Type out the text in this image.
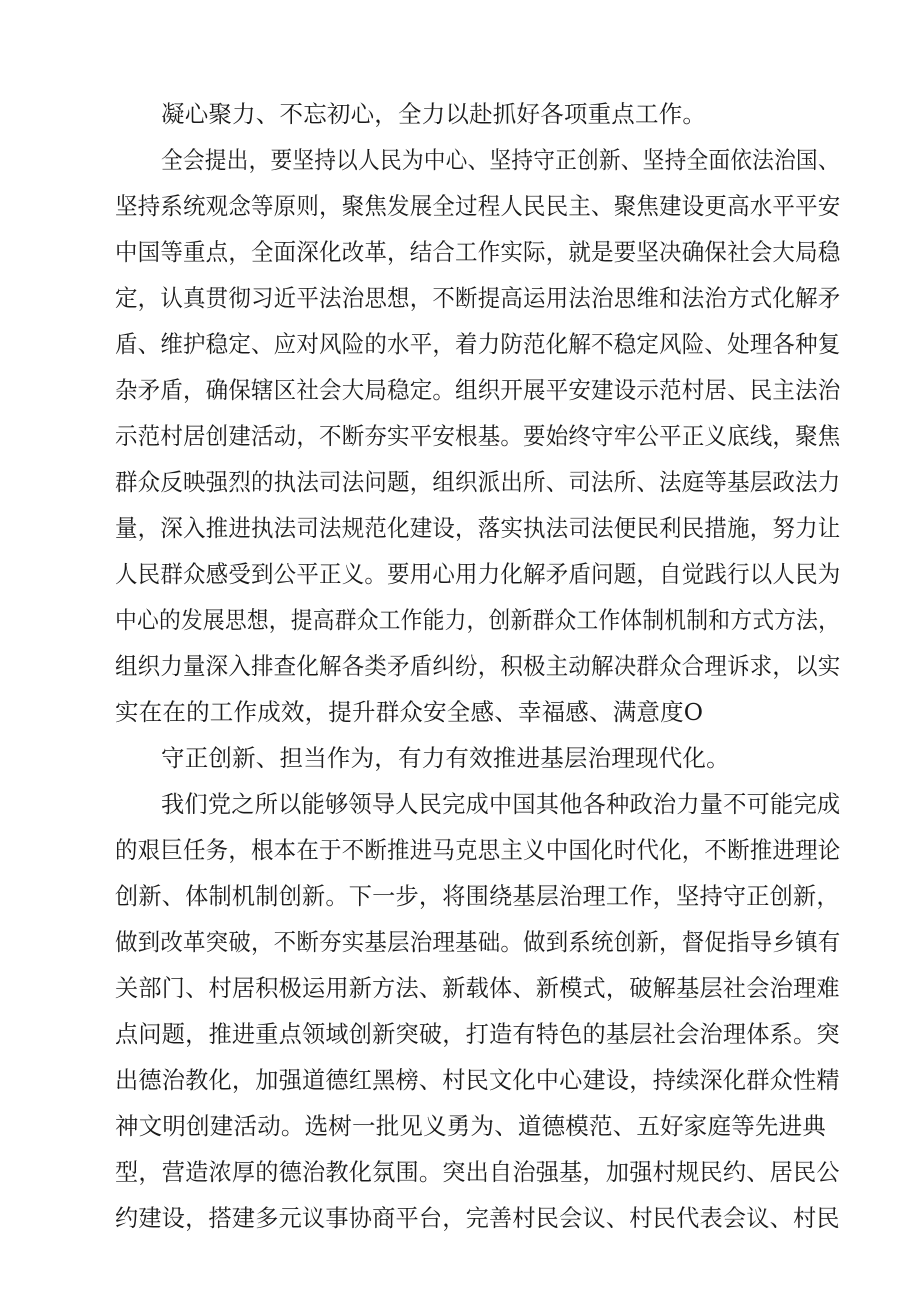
凝心聚力、不忘初心，全力以赴抓好各项重点工作。
全会提出，要坚持以人民为中心、坚持守正创新、坚持全面依法治国、
坚持系统观念等原则，聚焦发展全过程人民民主、聚焦建设更高水平平安
中国等重点，全面深化改革，结合工作实际，就是要坚决确保社会大局稳
定，认真贯彻习近平法治思想，不断提高运用法治思维和法治方式化解矛
盾、维护稳定、应对风险的水平，着力防范化解不稳定风险、处理各种复
杂矛盾，确保辖区社会大局稳定。组织开展平安建设示范村居、民主法治
示范村居创建活动，不断夯实平安根基。要始终守牢公平正义底线，聚焦
群众反映强烈的执法司法问题，组织派出所、司法所、法庭等基层政法力
量，深入推进执法司法规范化建设，落实执法司法便民利民措施，努力让
人民群众感受到公平正义。要用心用力化解矛盾问题，自觉践行以人民为
中心的发展思想，提高群众工作能力，创新群众工作体制机制和方式方法，
组织力量深入排查化解各类矛盾纠纷，积极主动解决群众合理诉求，以实
实在在的工作成效，提升群众安全感、幸福感、满意度O
守正创新、担当作为，有力有效推进基层治理现代化。
我们党之所以能够领导人民完成中国其他各种政治力量不可能完成
的艰巨任务，根本在于不断推进马克思主义中国化时代化，不断推进理论
创新、体制机制创新。下一步，将围绕基层治理工作，坚持守正创新，
做到改革突破，不断夯实基层治理基础。做到系统创新，督促指导乡镇有
关部门、村居积极运用新方法、新载体、新模式，破解基层社会治理难
点问题，推进重点领域创新突破，打造有特色的基层社会治理体系。突
出德治教化，加强道德红黑榜、村民文化中心建设，持续深化群众性精
神文明创建活动。选树一批见义勇为、道德模范、五好家庭等先进典
型，营造浓厚的德治教化氛围。突出自治强基，加强村规民约、居民公
约建设，搭建多元议事协商平台，完善村民会议、村民代表会议、村民
